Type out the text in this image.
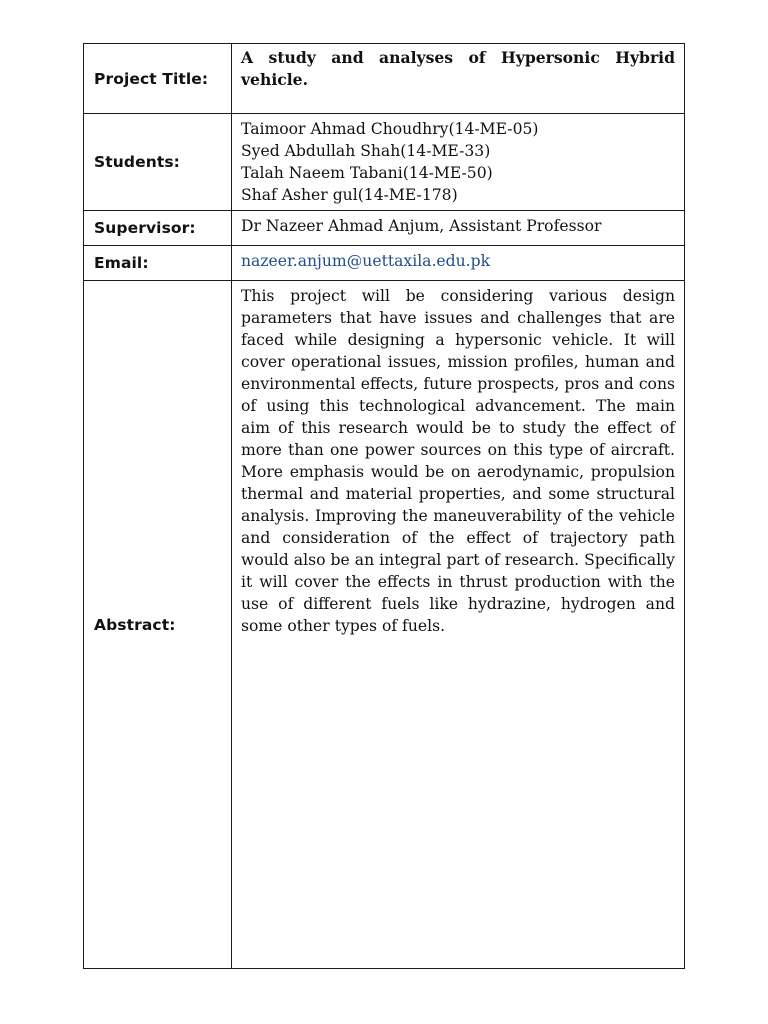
Project Title:	A study and analyses of Hypersonic Hybrid vehicle.

Students:	Taimoor Ahmad Choudhry(14-ME-05)
Syed Abdullah Shah(14-ME-33)
Talah Naeem Tabani(14-ME-50)
Shaf Asher gul(14-ME-178)

Supervisor:	Dr Nazeer Ahmad Anjum, Assistant Professor

Email:	nazeer.anjum@uettaxila.edu.pk

Abstract:	This project will be considering various design parameters that have issues and challenges that are faced while designing a hypersonic vehicle. It will cover operational issues, mission profiles, human and environmental effects, future prospects, pros and cons of using this technological advancement. The main aim of this research would be to study the effect of more than one power sources on this type of aircraft. More emphasis would be on aerodynamic, propulsion thermal and material properties, and some structural analysis. Improving the maneuverability of the vehicle and consideration of the effect of trajectory path would also be an integral part of research. Specifically it will cover the effects in thrust production with the use of different fuels like hydrazine, hydrogen and some other types of fuels.
